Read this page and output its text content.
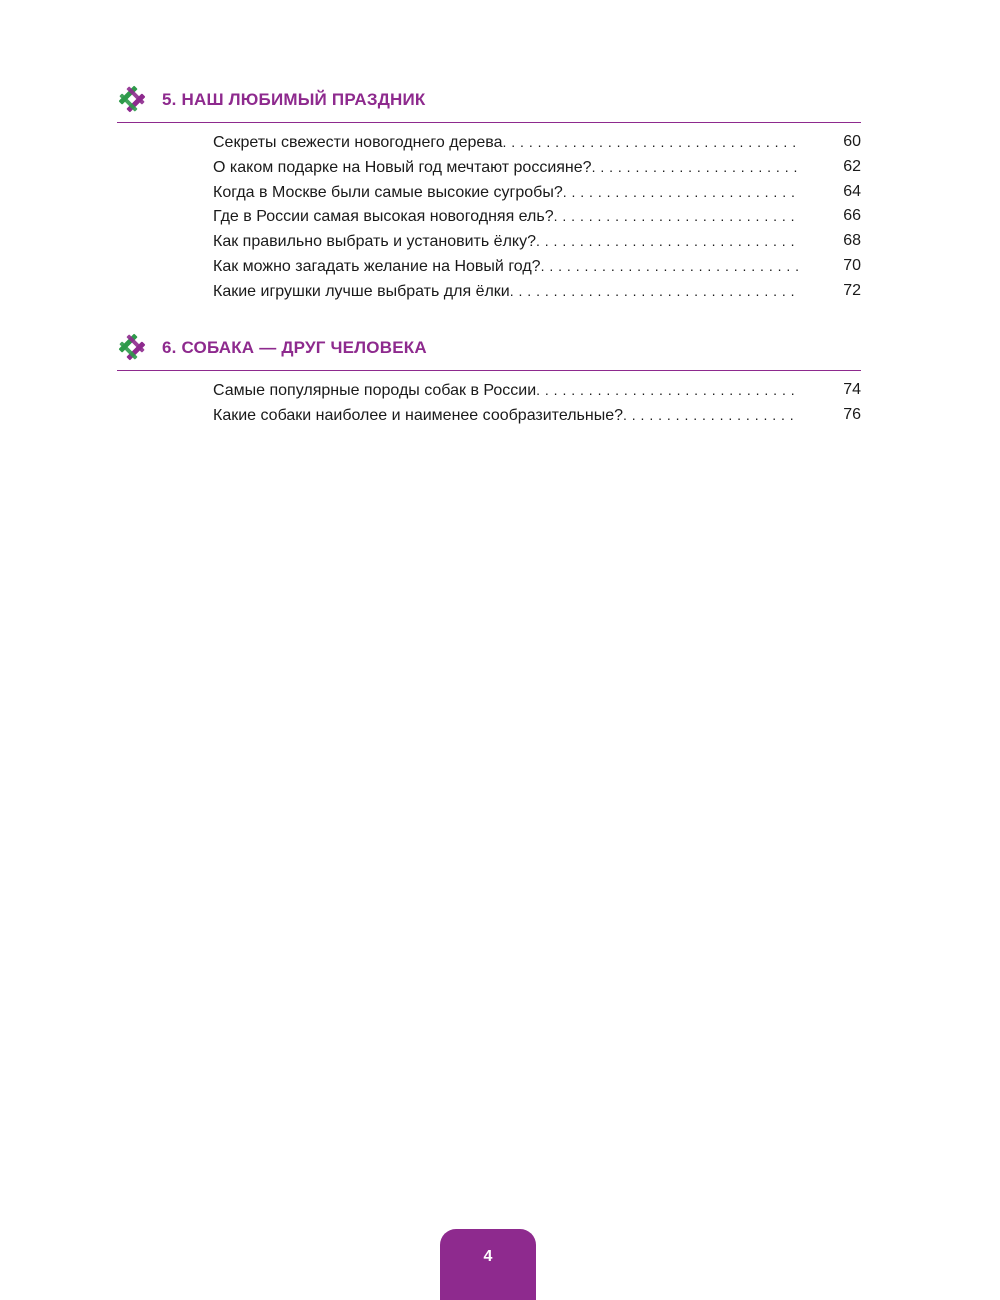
5. НАШ ЛЮБИМЫЙ ПРАЗДНИК
Секреты свежести новогоднего дерева . . .	60
О каком подарке на Новый год мечтают россияне? . . .	62
Когда в Москве были самые высокие сугробы? . . .	64
Где в России самая высокая новогодняя ель? . . .	66
Как правильно выбрать и установить ёлку? . . .	68
Как можно загадать желание на Новый год? . . .	70
Какие игрушки лучше выбрать для ёлки . . .	72
6. СОБАКА — ДРУГ ЧЕЛОВЕКА
Самые популярные породы собак в России . . .	74
Какие собаки наиболее и наименее сообразительные? . . .	76
4
